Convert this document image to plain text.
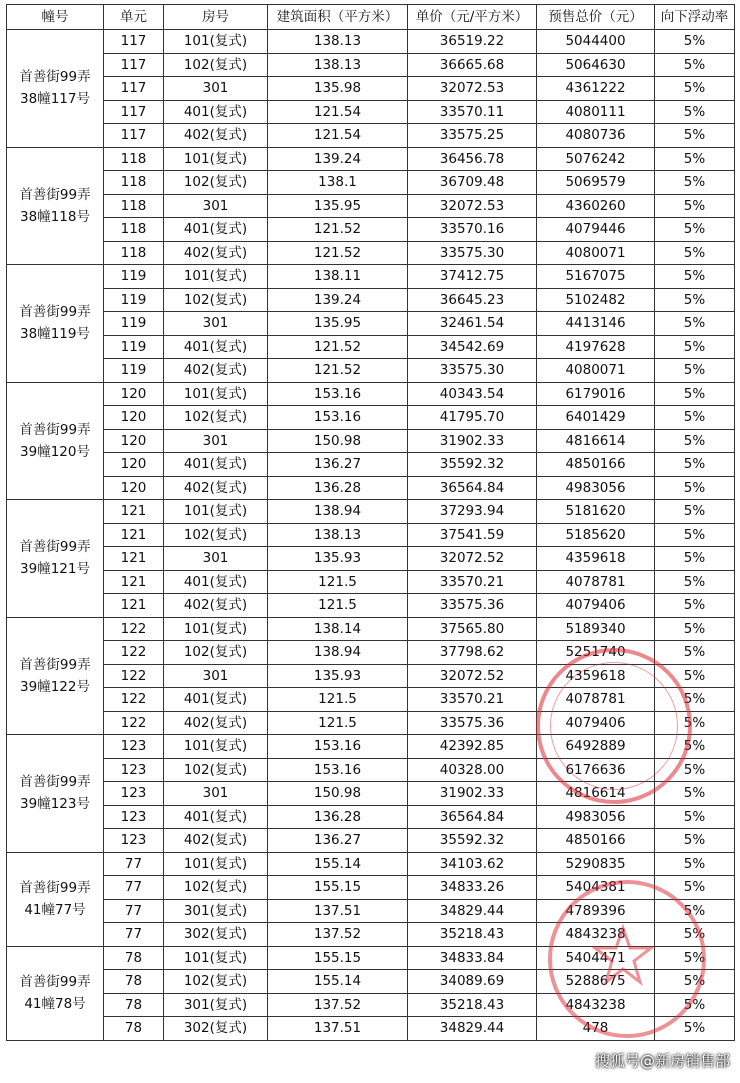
幢号	单元	房号	建筑面积（平方米）	单价（元/平方米）	预售总价（元）	向下浮动率
首善街99弄
38幢117号	117	101(复式)	138.13	36519.22	5044400	5%
	117	102(复式)	138.13	36665.68	5064630	5%
	117	301	135.98	32072.53	4361222	5%
	117	401(复式)	121.54	33570.11	4080111	5%
	117	402(复式)	121.54	33575.25	4080736	5%
首善街99弄
38幢118号	118	101(复式)	139.24	36456.78	5076242	5%
	118	102(复式)	138.1	36709.48	5069579	5%
	118	301	135.95	32072.53	4360260	5%
	118	401(复式)	121.52	33570.16	4079446	5%
	118	402(复式)	121.52	33575.30	4080071	5%
首善街99弄
38幢119号	119	101(复式)	138.11	37412.75	5167075	5%
	119	102(复式)	139.24	36645.23	5102482	5%
	119	301	135.95	32461.54	4413146	5%
	119	401(复式)	121.52	34542.69	4197628	5%
	119	402(复式)	121.52	33575.30	4080071	5%
首善街99弄
39幢120号	120	101(复式)	153.16	40343.54	6179016	5%
	120	102(复式)	153.16	41795.70	6401429	5%
	120	301	150.98	31902.33	4816614	5%
	120	401(复式)	136.27	35592.32	4850166	5%
	120	402(复式)	136.28	36564.84	4983056	5%
首善街99弄
39幢121号	121	101(复式)	138.94	37293.94	5181620	5%
	121	102(复式)	138.13	37541.59	5185620	5%
	121	301	135.93	32072.52	4359618	5%
	121	401(复式)	121.5	33570.21	4078781	5%
	121	402(复式)	121.5	33575.36	4079406	5%
首善街99弄
39幢122号	122	101(复式)	138.14	37565.80	5189340	5%
	122	102(复式)	138.94	37798.62	5251740	5%
	122	301	135.93	32072.52	4359618	5%
	122	401(复式)	121.5	33570.21	4078781	5%
	122	402(复式)	121.5	33575.36	4079406	5%
首善街99弄
39幢123号	123	101(复式)	153.16	42392.85	6492889	5%
	123	102(复式)	153.16	40328.00	6176636	5%
	123	301	150.98	31902.33	4816614	5%
	123	401(复式)	136.28	36564.84	4983056	5%
	123	402(复式)	136.27	35592.32	4850166	5%
首善街99弄
41幢77号	77	101(复式)	155.14	34103.62	5290835	5%
	77	102(复式)	155.15	34833.26	5404381	5%
	77	301(复式)	137.51	34829.44	4789396	5%
	77	302(复式)	137.52	35218.43	4843238	5%
首善街99弄
41幢78号	78	101(复式)	155.15	34833.84	5404471	5%
	78	102(复式)	155.14	34089.69	5288675	5%
	78	301(复式)	137.52	35218.43	4843238	5%
	78	302(复式)	137.51	34829.44	478	5%
搜狐号@新房销售部
